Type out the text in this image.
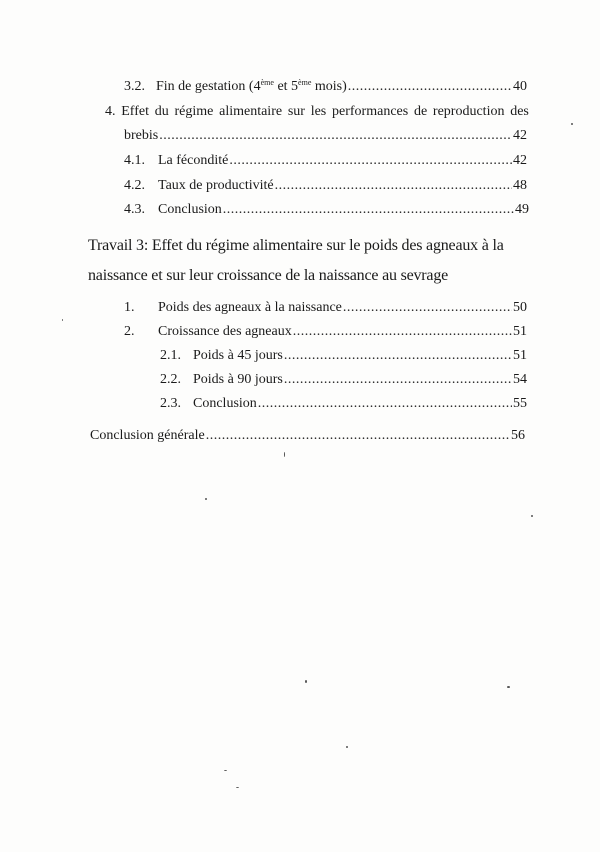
3.2. Fin de gestation (4ème et 5ème mois) .....	40
4. Effet du régime alimentaire sur les performances de reproduction des
brebis .....	42
4.1. La fécondité .....	42
4.2. Taux de productivité .....	48
4.3. Conclusion .....	49
Travail 3: Effet du régime alimentaire sur le poids des agneaux à la
naissance et sur leur croissance de la naissance au sevrage
1.	Poids des agneaux à la naissance .....	50
2.	Croissance des agneaux .....	51
2.1. Poids à 45 jours .....	51
2.2. Poids à 90 jours .....	54
2.3. Conclusion .....	55
Conclusion générale .....	56
